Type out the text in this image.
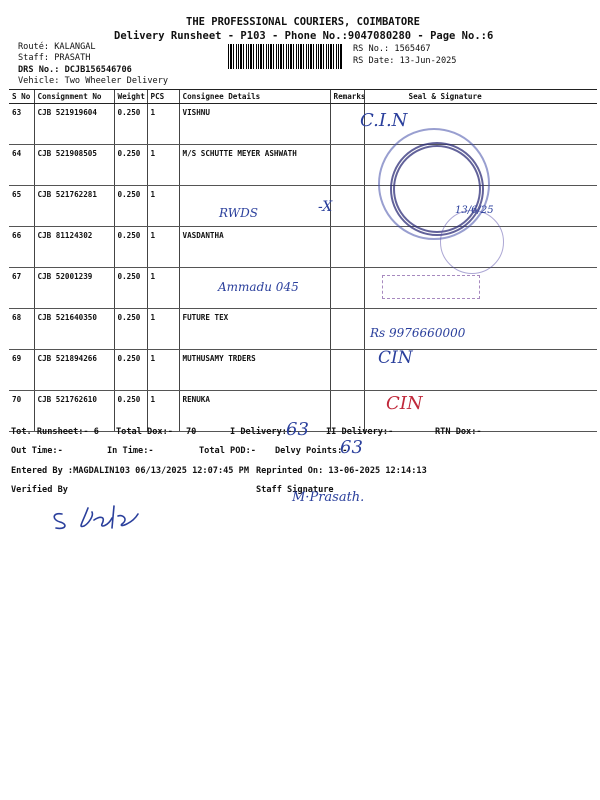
THE PROFESSIONAL COURIERS, COIMBATORE
Delivery Runsheet - P103 - Phone No.:9047080280 - Page No.:6
Routé: KALANGAL
Staff: PRASATH
DRS No.: DCJB156546706
Vehicle: Two Wheeler Delivery
RS No.: 1565467
RS Date: 13-Jun-2025
S No	Consignment No	Weight	PCS	Consignee Details	Remarks	Seal & Signature
63	CJB 521919604	0.250	1	VISHNU		
64	CJB 521908505	0.250	1	M/S SCHUTTE MEYER ASHWATH		
65	CJB 521762281	0.250	1			
66	CJB 81124302	0.250	1	VASDANTHA		
67	CJB 52001239	0.250	1			
68	CJB 521640350	0.250	1	FUTURE TEX		
69	CJB 521894266	0.250	1	MUTHUSAMY TRDERS		
70	CJB 521762610	0.250	1	RENUKA		
C.I.N
RWDS	-X	13/6/25
Ammadu 045
Rs 9976660000
CIN
CIN
Tot. Runsheet:- 6 Total Dox:- 70	I Delivery:-
63 II Delivery:-	RTN Dox:-
Out Time:-	In Time:-	Total POD:- Delvy Points:-
63
Entered By :MAGDALIN103 06/13/2025 12:07:45 PM Reprinted On: 13-06-2025 12:14:13
Verified By	Staff Signature
M·Prasath.
